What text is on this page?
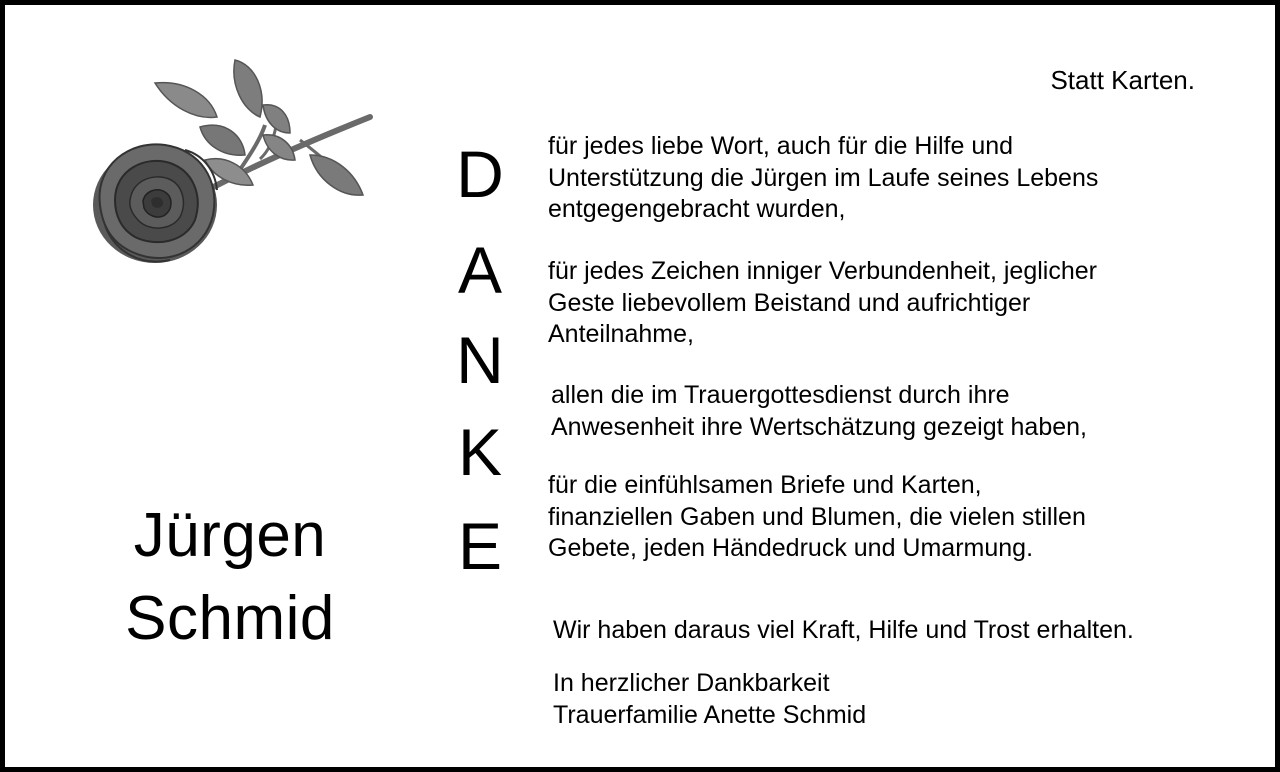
Jürgen
Schmid
D
A
N
K
E
Statt Karten.
für jedes liebe Wort, auch für die Hilfe und
Unterstützung die Jürgen im Laufe seines Lebens
entgegengebracht wurden,
für jedes Zeichen inniger Verbundenheit, jeglicher
Geste liebevollem Beistand und aufrichtiger
Anteilnahme,
allen die im Trauergottesdienst durch ihre
Anwesenheit ihre Wertschätzung gezeigt haben,
für die einfühlsamen Briefe und Karten,
finanziellen Gaben und Blumen, die vielen stillen
Gebete, jeden Händedruck und Umarmung.
Wir haben daraus viel Kraft, Hilfe und Trost erhalten.
In herzlicher Dankbarkeit
Trauerfamilie Anette Schmid
